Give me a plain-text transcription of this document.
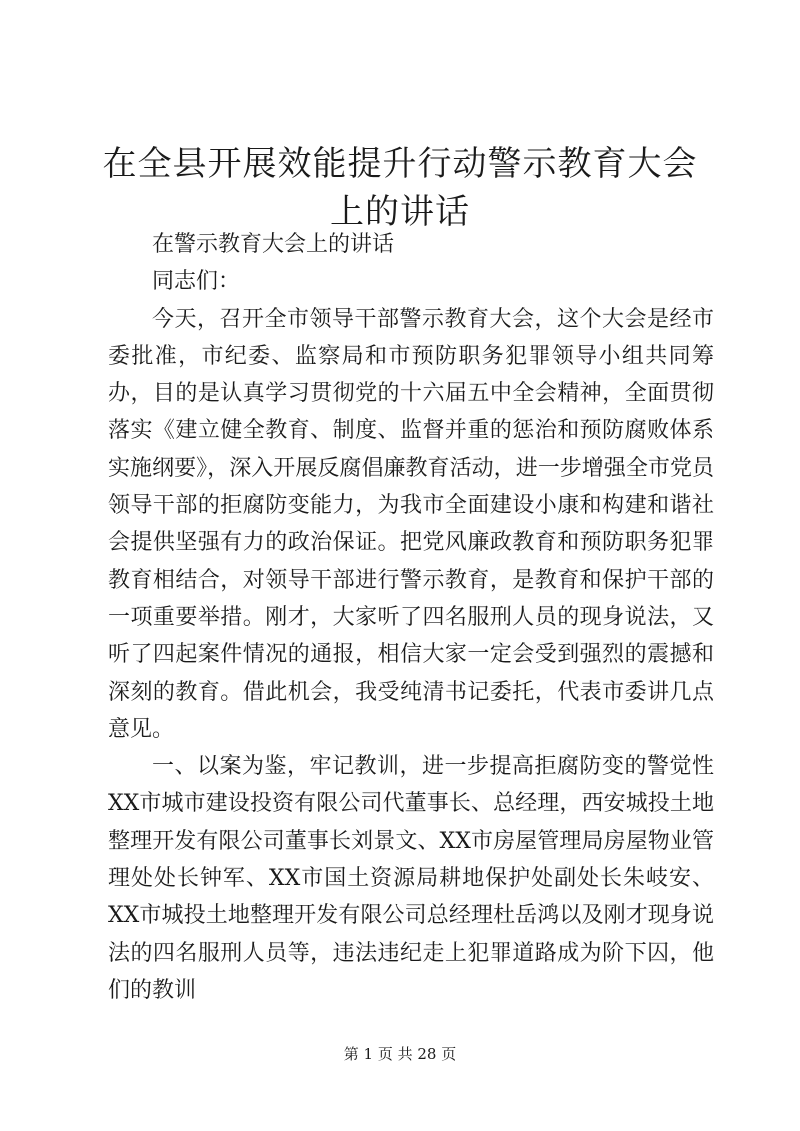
在全县开展效能提升行动警示教育大会上的讲话

在警示教育大会上的讲话

同志们：

今天，召开全市领导干部警示教育大会，这个大会是经市委批准，市纪委、监察局和市预防职务犯罪领导小组共同筹办，目的是认真学习贯彻党的十六届五中全会精神，全面贯彻落实《建立健全教育、制度、监督并重的惩治和预防腐败体系实施纲要》，深入开展反腐倡廉教育活动，进一步增强全市党员领导干部的拒腐防变能力，为我市全面建设小康和构建和谐社会提供坚强有力的政治保证。把党风廉政教育和预防职务犯罪教育相结合，对领导干部进行警示教育，是教育和保护干部的一项重要举措。刚才，大家听了四名服刑人员的现身说法，又听了四起案件情况的通报，相信大家一定会受到强烈的震撼和深刻的教育。借此机会，我受纯清书记委托，代表市委讲几点意见。

一、以案为鉴，牢记教训，进一步提高拒腐防变的警觉性XX市城市建设投资有限公司代董事长、总经理，西安城投土地整理开发有限公司董事长刘景文、XX市房屋管理局房屋物业管理处处长钟军、XX市国土资源局耕地保护处副处长朱岐安、XX市城投土地整理开发有限公司总经理杜岳鸿以及刚才现身说法的四名服刑人员等，违法违纪走上犯罪道路成为阶下囚，他们的教训

第 1 页 共 28 页
